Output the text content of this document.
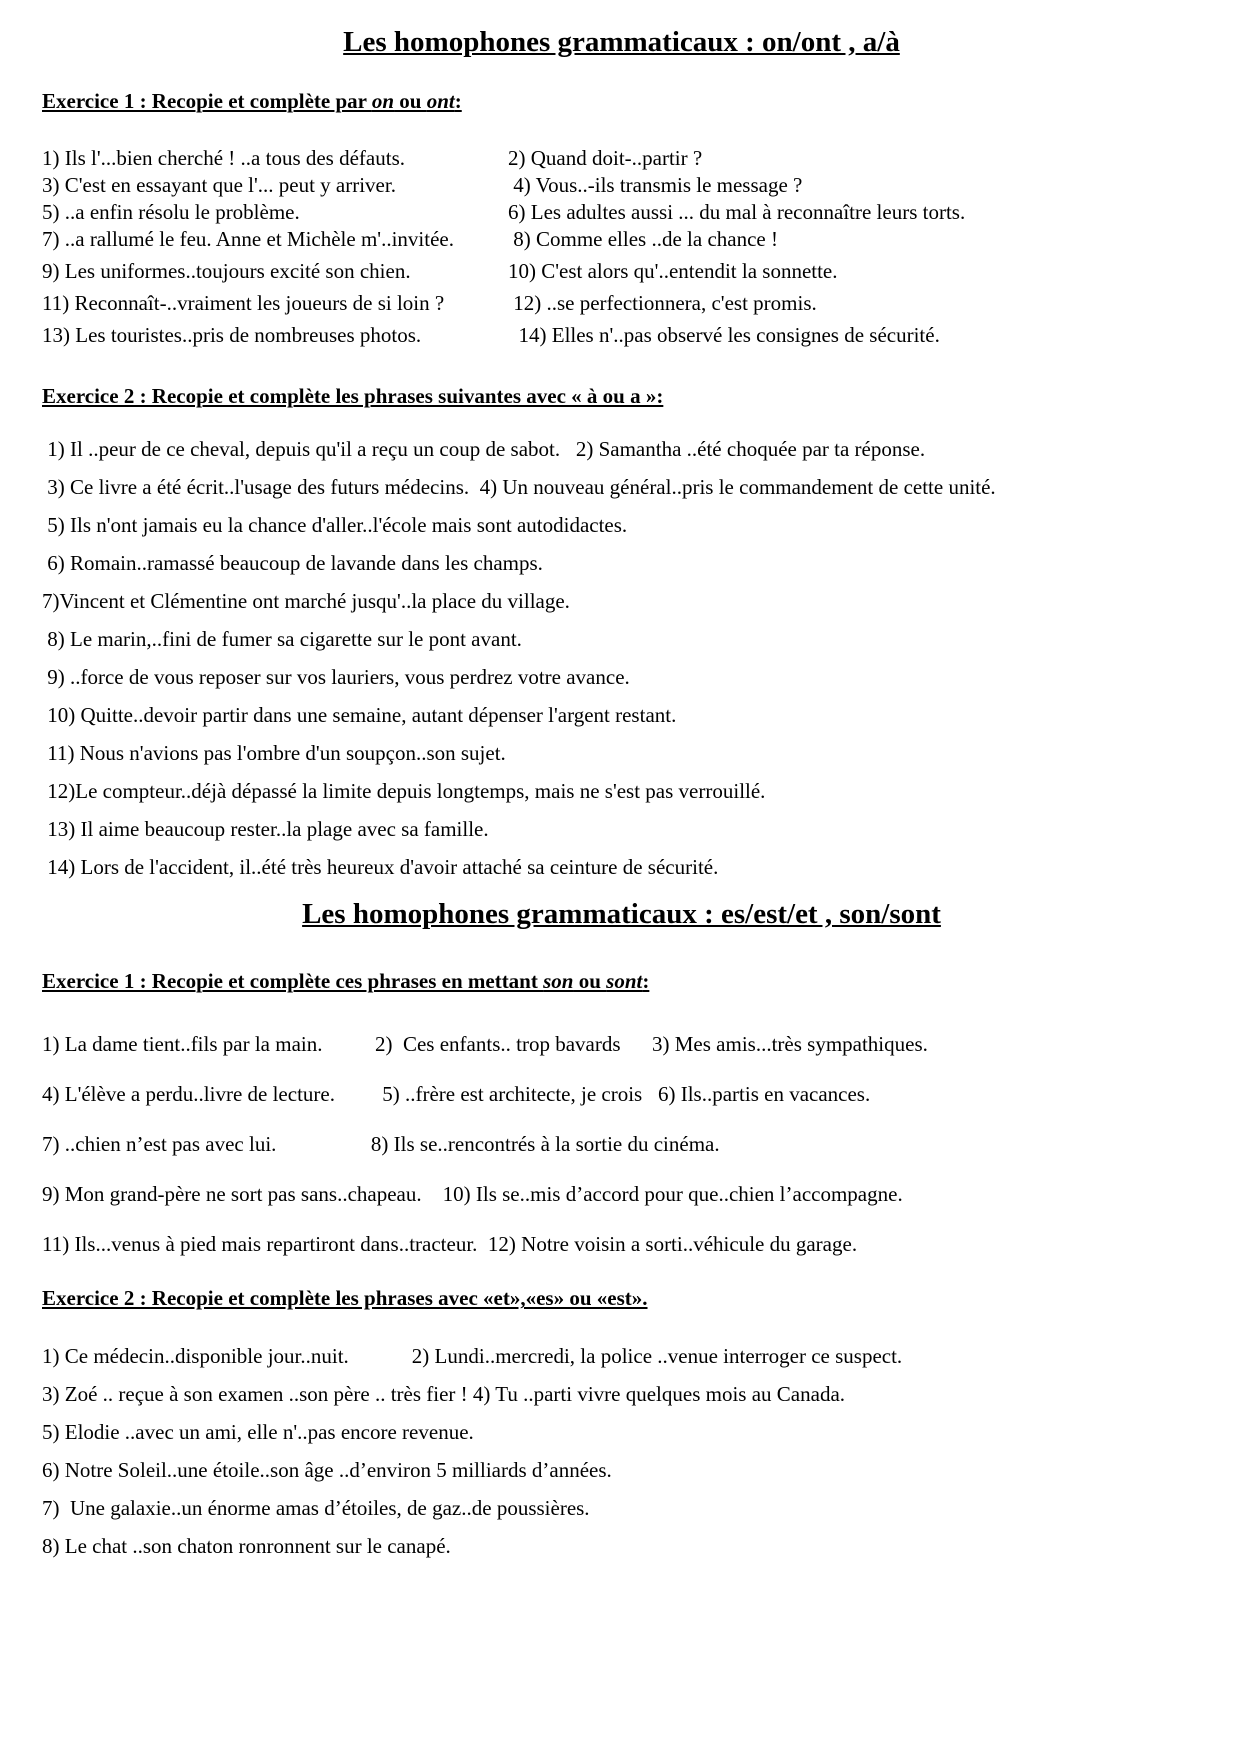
Les homophones grammaticaux : on/ont , a/à
Exercice 1 : Recopie et complète par on ou ont:
1) Ils l'...bien cherché ! ..a tous des défauts.	2) Quand doit-..partir ?
3) C'est en essayant que l'... peut y arriver.	4) Vous..-ils transmis le message ?
5) ..a enfin résolu le problème.	6) Les adultes aussi ... du mal à reconnaître leurs torts.
7) ..a rallumé le feu. Anne et Michèle m'..invitée.	8) Comme elles ..de la chance !
9) Les uniformes..toujours excité son chien.	10) C'est alors qu'..entendit la sonnette.
11) Reconnaît-..vraiment les joueurs de si loin ?	12) ..se perfectionnera, c'est promis.
13) Les touristes..pris de nombreuses photos.	14) Elles n'..pas observé les consignes de sécurité.
Exercice 2 : Recopie et complète les phrases suivantes avec « à ou a »:
1) Il ..peur de ce cheval, depuis qu'il a reçu un coup de sabot.   2) Samantha ..été choquée par ta réponse.
3) Ce livre a été écrit..l'usage des futurs médecins.  4) Un nouveau général..pris le commandement de cette unité.
5) Ils n'ont jamais eu la chance d'aller..l'école mais sont autodidactes.
6) Romain..ramassé beaucoup de lavande dans les champs.
7)Vincent et Clémentine ont marché jusqu'..la place du village.
8) Le marin,..fini de fumer sa cigarette sur le pont avant.
9) ..force de vous reposer sur vos lauriers, vous perdrez votre avance.
10) Quitte..devoir partir dans une semaine, autant dépenser l'argent restant.
11) Nous n'avions pas l'ombre d'un soupçon..son sujet.
12)Le compteur..déjà dépassé la limite depuis longtemps, mais ne s'est pas verrouillé.
13) Il aime beaucoup rester..la plage avec sa famille.
14) Lors de l'accident, il..été très heureux d'avoir attaché sa ceinture de sécurité.
Les homophones grammaticaux : es/est/et , son/sont
Exercice 1 : Recopie et complète ces phrases en mettant son ou sont:
1) La dame tient..fils par la main.          2)  Ces enfants.. trop bavards      3) Mes amis...très sympathiques.
4) L'élève a perdu..livre de lecture.         5) ..frère est architecte, je crois   6) Ils..partis en vacances.
7) ..chien n’est pas avec lui.                  8) Ils se..rencontrés à la sortie du cinéma.
9) Mon grand-père ne sort pas sans..chapeau.    10) Ils se..mis d’accord pour que..chien l’accompagne.
11) Ils...venus à pied mais repartiront dans..tracteur.  12) Notre voisin a sorti..véhicule du garage.
Exercice 2 : Recopie et complète les phrases avec «et»,«es» ou «est».
1) Ce médecin..disponible jour..nuit.            2) Lundi..mercredi, la police ..venue interroger ce suspect.
3) Zoé .. reçue à son examen ..son père .. très fier ! 4) Tu ..parti vivre quelques mois au Canada.
5) Elodie ..avec un ami, elle n'..pas encore revenue.
6) Notre Soleil..une étoile..son âge ..d’environ 5 milliards d’années.
7)  Une galaxie..un énorme amas d’étoiles, de gaz..de poussières.
8) Le chat ..son chaton ronronnent sur le canapé.
